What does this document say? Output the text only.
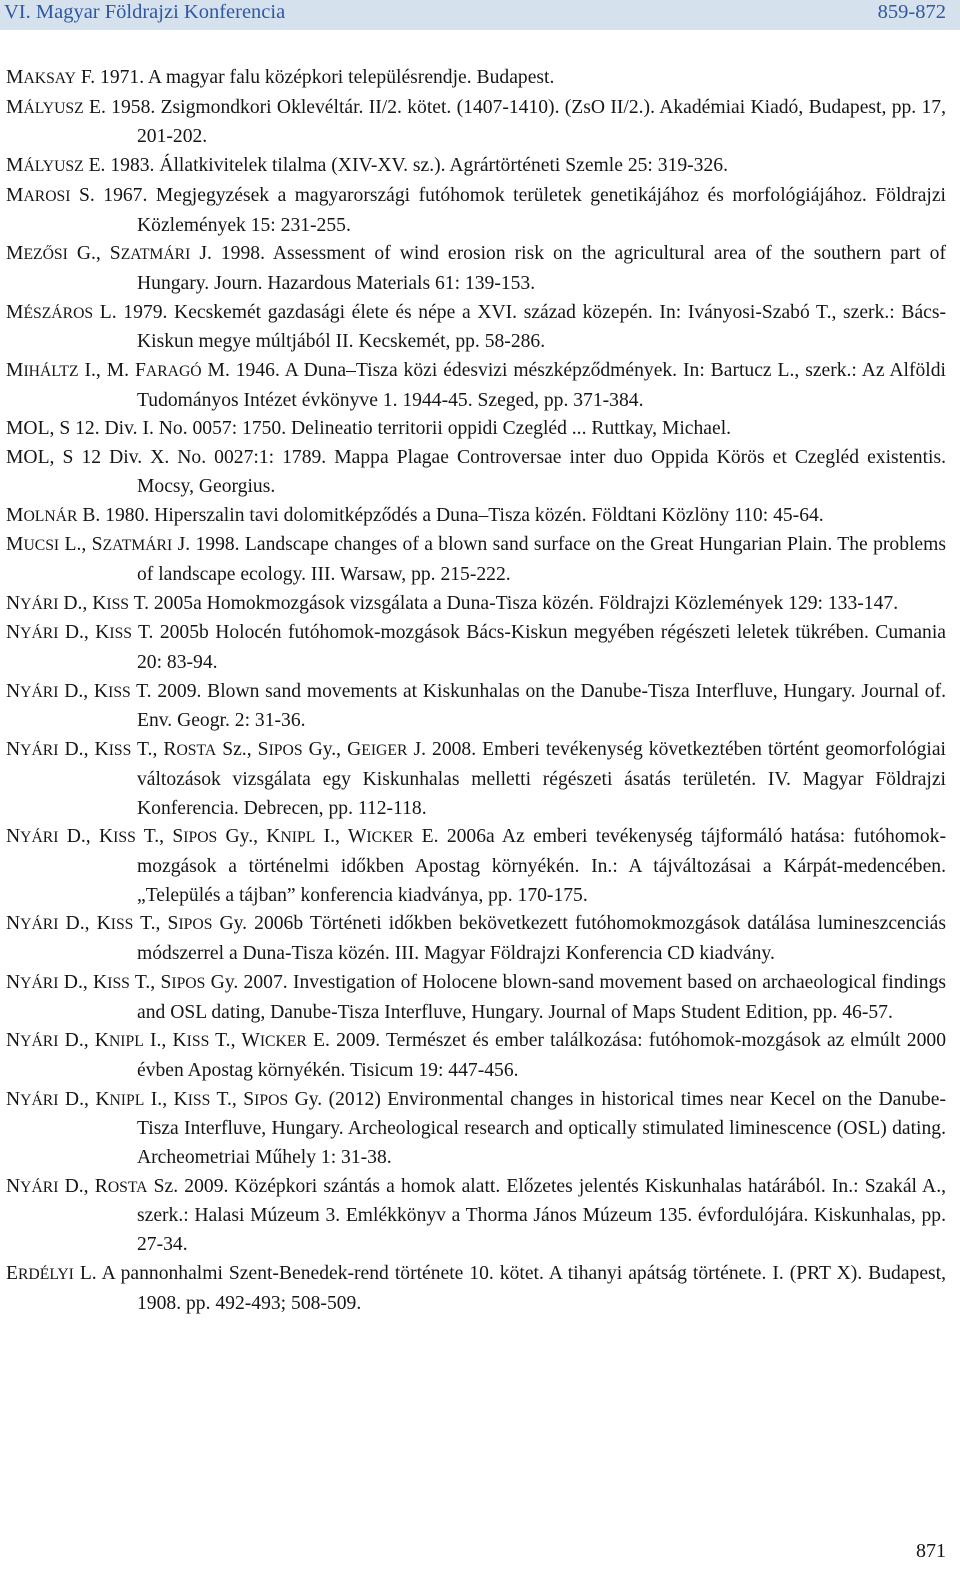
VI. Magyar Földrajzi Konferencia	859-872
MAKSAY F. 1971. A magyar falu középkori településrendje. Budapest.
MÁLYUSZ E. 1958. Zsigmondkori Oklevéltár. II/2. kötet. (1407-1410). (ZsO II/2.). Akadémiai Kiadó, Budapest, pp. 17, 201-202.
MÁLYUSZ E. 1983. Állatkivitelek tilalma (XIV-XV. sz.). Agrártörténeti Szemle 25: 319-326.
MAROSI S. 1967. Megjegyzések a magyarországi futóhomok területek genetikájához és morfológiájához. Földrajzi Közlemények 15: 231-255.
MEZŐSI G., SZATMÁRI J. 1998. Assessment of wind erosion risk on the agricultural area of the southern part of Hungary. Journ. Hazardous Materials 61: 139-153.
MÉSZÁROS L. 1979. Kecskemét gazdasági élete és népe a XVI. század közepén. In: Iványosi-Szabó T., szerk.: Bács-Kiskun megye múltjából II. Kecskemét, pp. 58-286.
MIHÁLTZ I., M. FARAGÓ M. 1946. A Duna–Tisza közi édesvizi mészképződmények. In: Bartucz L., szerk.: Az Alföldi Tudományos Intézet évkönyve 1. 1944-45. Szeged, pp. 371-384.
MOL, S 12. Div. I. No. 0057: 1750. Delineatio territorii oppidi Czegléd ... Ruttkay, Michael.
MOL, S 12 Div. X. No. 0027:1: 1789. Mappa Plagae Controversae inter duo Oppida Körös et Czegléd existentis. Mocsy, Georgius.
MOLNÁR B. 1980. Hiperszalin tavi dolomitképződés a Duna–Tisza közén. Földtani Közlöny 110: 45-64.
MUCSI L., SZATMÁRI J. 1998. Landscape changes of a blown sand surface on the Great Hungarian Plain. The problems of landscape ecology. III. Warsaw, pp. 215-222.
NYÁRI D., KISS T. 2005a Homokmozgások vizsgálata a Duna-Tisza közén. Földrajzi Közlemények 129: 133-147.
NYÁRI D., KISS T. 2005b Holocén futóhomok-mozgások Bács-Kiskun megyében régészeti leletek tükrében. Cumania 20: 83-94.
NYÁRI D., KISS T. 2009. Blown sand movements at Kiskunhalas on the Danube-Tisza Interfluve, Hungary. Journal of. Env. Geogr. 2: 31-36.
NYÁRI D., KISS T., ROSTA Sz., SIPOS Gy., GEIGER J. 2008. Emberi tevékenység következtében történt geomorfológiai változások vizsgálata egy Kiskunhalas melletti régészeti ásatás területén. IV. Magyar Földrajzi Konferencia. Debrecen, pp. 112-118.
NYÁRI D., KISS T., SIPOS Gy., KNIPL I., WICKER E. 2006a Az emberi tevékenység tájformáló hatása: futóhomok-mozgások a történelmi időkben Apostag környékén. In.: A tájváltozásai a Kárpát-medencében. „Település a tájban” konferencia kiadványa, pp. 170-175.
NYÁRI D., KISS T., SIPOS Gy. 2006b Történeti időkben bekövetkezett futóhomokmozgások datálása lumineszcenciás módszerrel a Duna-Tisza közén. III. Magyar Földrajzi Konferencia CD kiadvány.
NYÁRI D., KISS T., SIPOS Gy. 2007. Investigation of Holocene blown-sand movement based on archaeological findings and OSL dating, Danube-Tisza Interfluve, Hungary. Journal of Maps Student Edition, pp. 46-57.
NYÁRI D., KNIPL I., KISS T., WICKER E. 2009. Természet és ember találkozása: futóhomok-mozgások az elmúlt 2000 évben Apostag környékén. Tisicum 19: 447-456.
NYÁRI D., KNIPL I., KISS T., SIPOS Gy. (2012) Environmental changes in historical times near Kecel on the Danube-Tisza Interfluve, Hungary. Archeological research and optically stimulated liminescence (OSL) dating. Archeometriai Műhely 1: 31-38.
NYÁRI D., ROSTA Sz. 2009. Középkori szántás a homok alatt. Előzetes jelentés Kiskunhalas határából. In.: Szakál A., szerk.: Halasi Múzeum 3. Emlékkönyv a Thorma János Múzeum 135. évfordulójára. Kiskunhalas, pp. 27-34.
ERDÉLYI L. A pannonhalmi Szent-Benedek-rend története 10. kötet. A tihanyi apátság története. I. (PRT X). Budapest, 1908. pp. 492-493; 508-509.
871
